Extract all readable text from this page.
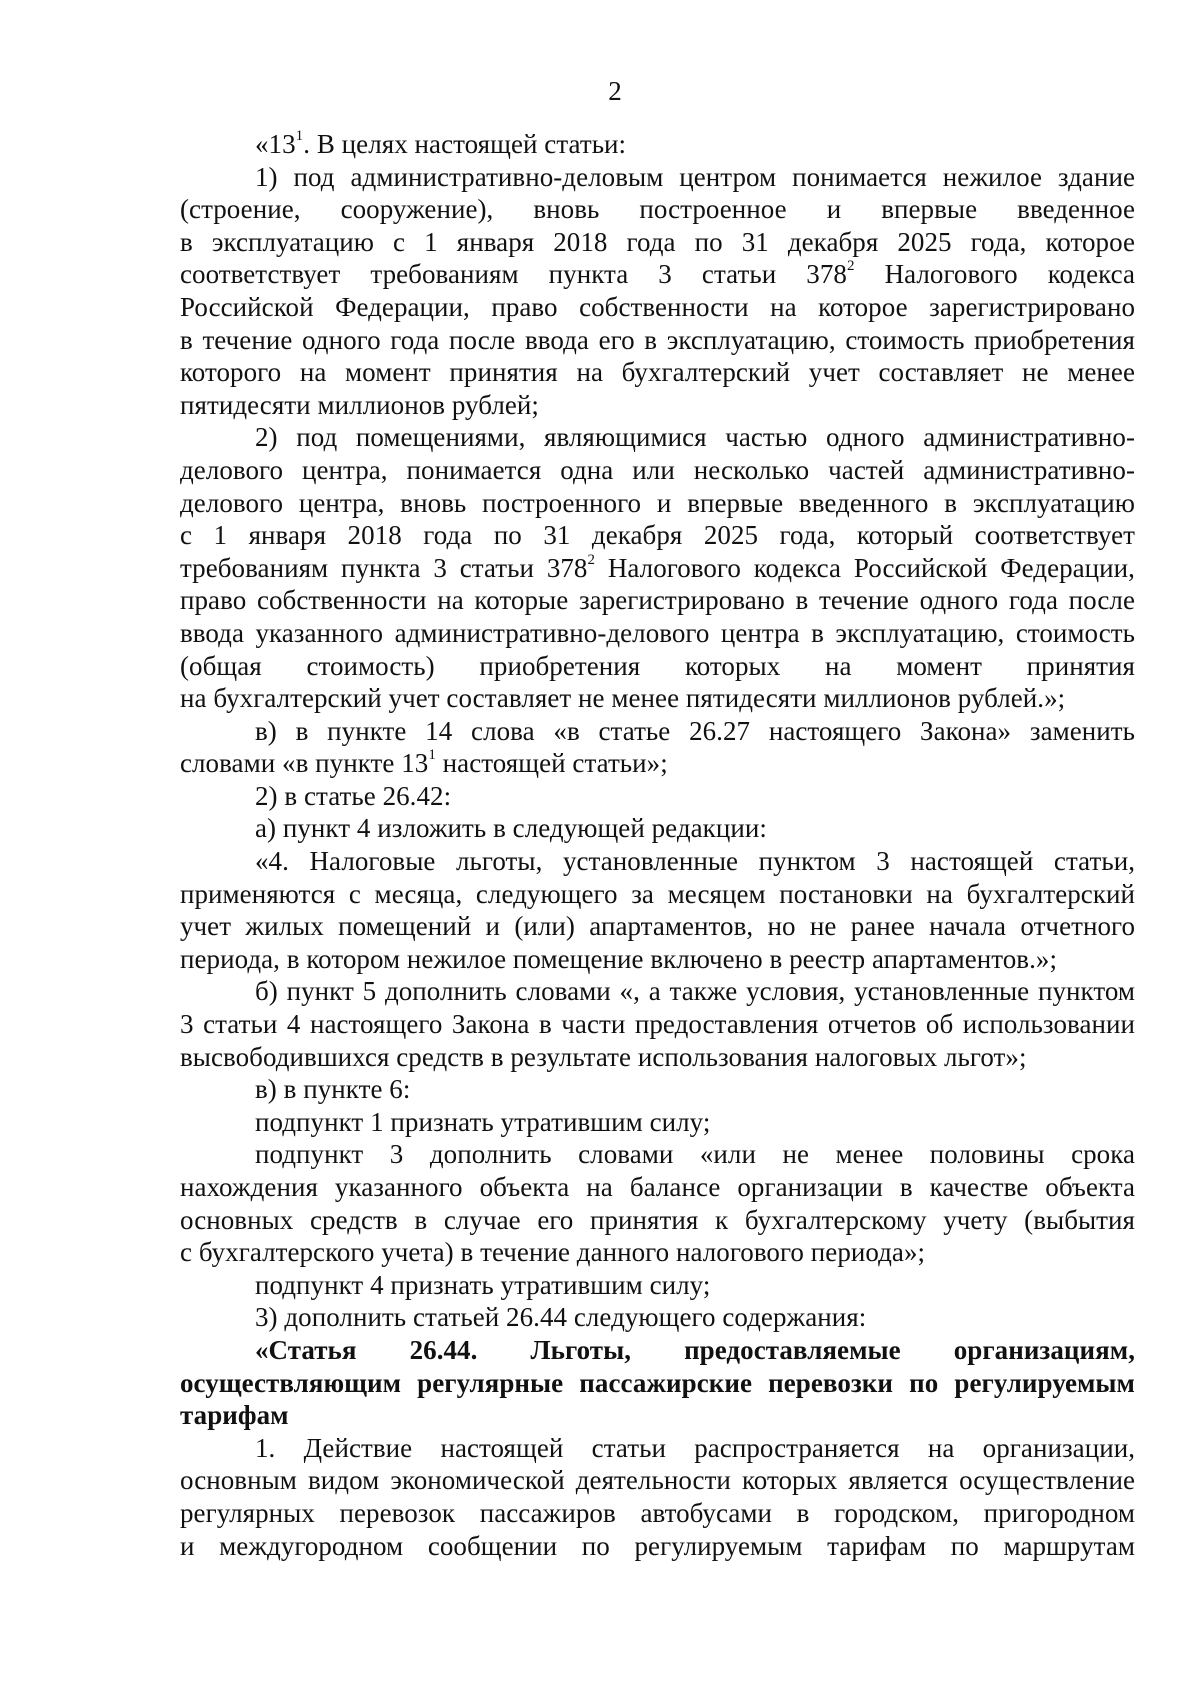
2
«$13^1$. В целях настоящей статьи:
1) под административно-деловым центром понимается нежилое здание
(строение, сооружение), вновь построенное и впервые введенное
в эксплуатацию с 1 января 2018 года по 31 декабря 2025 года, которое
соответствует требованиям пункта 3 статьи $378^2$ Налогового кодекса
Российской Федерации, право собственности на которое зарегистрировано
в течение одного года после ввода его в эксплуатацию, стоимость приобретения
которого на момент принятия на бухгалтерский учет составляет не менее
пятидесяти миллионов рублей;
2) под помещениями, являющимися частью одного административно-
делового центра, понимается одна или несколько частей административно-
делового центра, вновь построенного и впервые введенного в эксплуатацию
с 1 января 2018 года по 31 декабря 2025 года, который соответствует
требованиям пункта 3 статьи $378^2$ Налогового кодекса Российской Федерации,
право собственности на которые зарегистрировано в течение одного года после
ввода указанного административно-делового центра в эксплуатацию, стоимость
(общая стоимость) приобретения которых на момент принятия
на бухгалтерский учет составляет не менее пятидесяти миллионов рублей.»;
в) в пункте 14 слова «в статье 26.27 настоящего Закона» заменить
словами «в пункте $13^1$ настоящей статьи»;
2) в статье 26.42:
а) пункт 4 изложить в следующей редакции:
«4. Налоговые льготы, установленные пунктом 3 настоящей статьи,
применяются с месяца, следующего за месяцем постановки на бухгалтерский
учет жилых помещений и (или) апартаментов, но не ранее начала отчетного
периода, в котором нежилое помещение включено в реестр апартаментов.»;
б) пункт 5 дополнить словами «, а также условия, установленные пунктом
3 статьи 4 настоящего Закона в части предоставления отчетов об использовании
высвободившихся средств в результате использования налоговых льгот»;
в) в пункте 6:
подпункт 1 признать утратившим силу;
подпункт 3 дополнить словами «или не менее половины срока
нахождения указанного объекта на балансе организации в качестве объекта
основных средств в случае его принятия к бухгалтерскому учету (выбытия
с бухгалтерского учета) в течение данного налогового периода»;
подпункт 4 признать утратившим силу;
3) дополнить статьей 26.44 следующего содержания:
«Статья 26.44. Льготы, предоставляемые организациям,
осуществляющим регулярные пассажирские перевозки по регулируемым
тарифам
1. Действие настоящей статьи распространяется на организации,
основным видом экономической деятельности которых является осуществление
регулярных перевозок пассажиров автобусами в городском, пригородном
и междугородном сообщении по регулируемым тарифам по маршрутам
